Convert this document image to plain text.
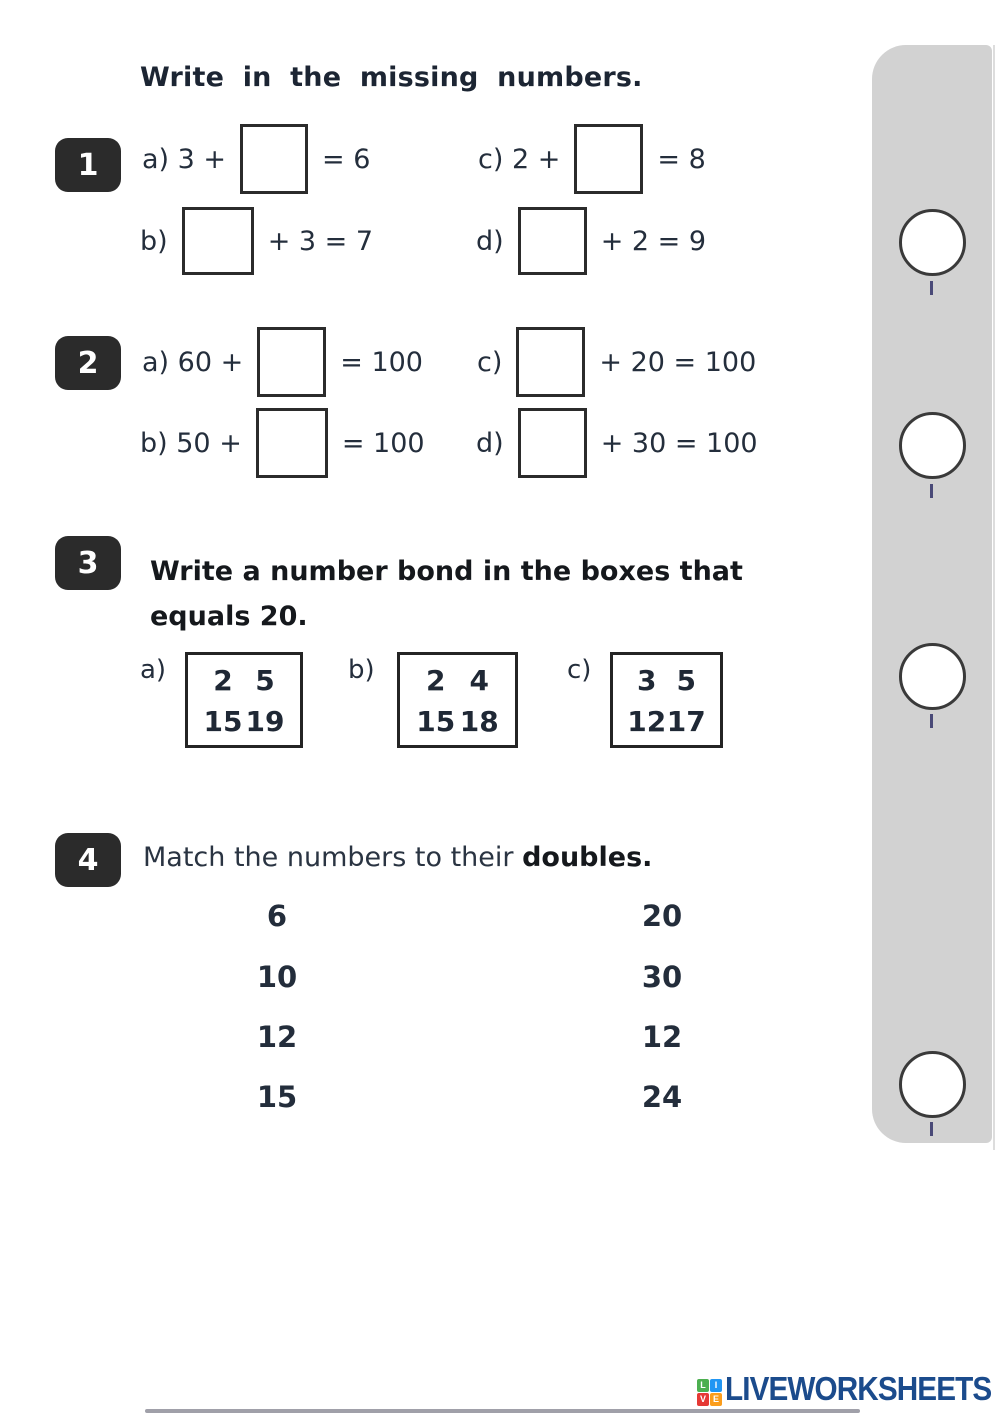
Write in the missing numbers.
1 a) 3 +	= 6	c) 2 +	= 8
b)	+ 3 = 7	d)	+ 2 = 9
2 a) 60 +	= 100 c)	+ 20 = 100
b) 50 +	= 100 d)	+ 30 = 100
3 Write a number bond in the boxes that
equals 20.
a) 2 5
15 19
b) 2 4
15 18
c) 3 5
12 17
4 Match the numbers to their doubles.
6
10
12
15
20
30
12
24
L I
V E LIVEWORKSHEETS
